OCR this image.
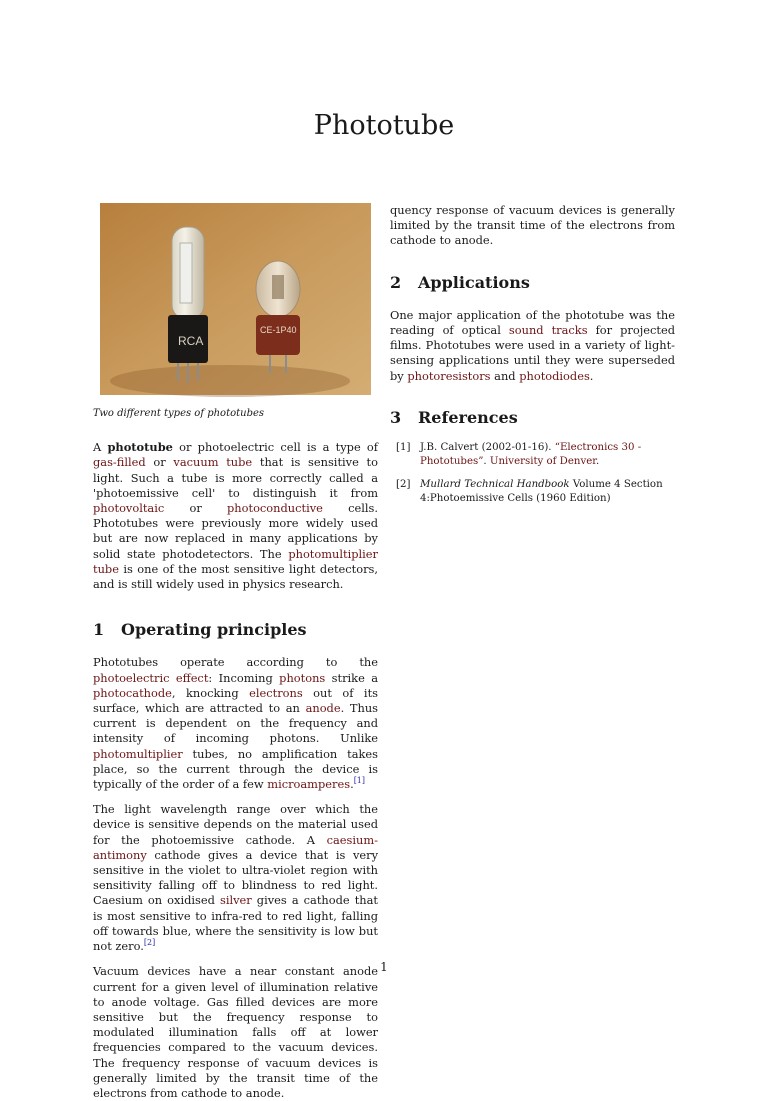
Phototube
RCA
CE-1P40
Two different types of phototubes

A phototube or photoelectric cell is a type of gas-filled or vacuum tube that is sensitive to light. Such a tube is more correctly called a 'photoemissive cell' to distinguish it from photovoltaic or photoconductive cells. Phototubes were previously more widely used but are now replaced in many applications by solid state photodetectors. The photomultiplier tube is one of the most sensitive light detectors, and is still widely used in physics research.

1 Operating principles

Phototubes operate according to the photoelectric effect: Incoming photons strike a photocathode, knocking electrons out of its surface, which are attracted to an anode. Thus current is dependent on the frequency and intensity of incoming photons. Unlike photomultiplier tubes, no amplification takes place, so the current through the device is typically of the order of a few microamperes.[1]

The light wavelength range over which the device is sensitive depends on the material used for the photoemissive cathode. A caesium-antimony cathode gives a device that is very sensitive in the violet to ultra-violet region with sensitivity falling off to blindness to red light. Caesium on oxidised silver gives a cathode that is most sensitive to infra-red to red light, falling off towards blue, where the sensitivity is low but not zero.[2]

Vacuum devices have a near constant anode current for a given level of illumination relative to anode voltage. Gas filled devices are more sensitive but the frequency response to modulated illumination falls off at lower frequencies compared to the vacuum devices. The frequency response of vacuum devices is generally limited by the transit time of the electrons from cathode to anode.

quency response of vacuum devices is generally limited by the transit time of the electrons from cathode to anode.

2 Applications

One major application of the phototube was the reading of optical sound tracks for projected films. Phototubes were used in a variety of light-sensing applications until they were superseded by photoresistors and photodiodes.

3 References
[1] J.B. Calvert (2002-01-16). “Electronics 30 - Phototubes”. University of Denver.
[2] Mullard Technical Handbook Volume 4 Section 4:Photoemissive Cells (1960 Edition)
1
